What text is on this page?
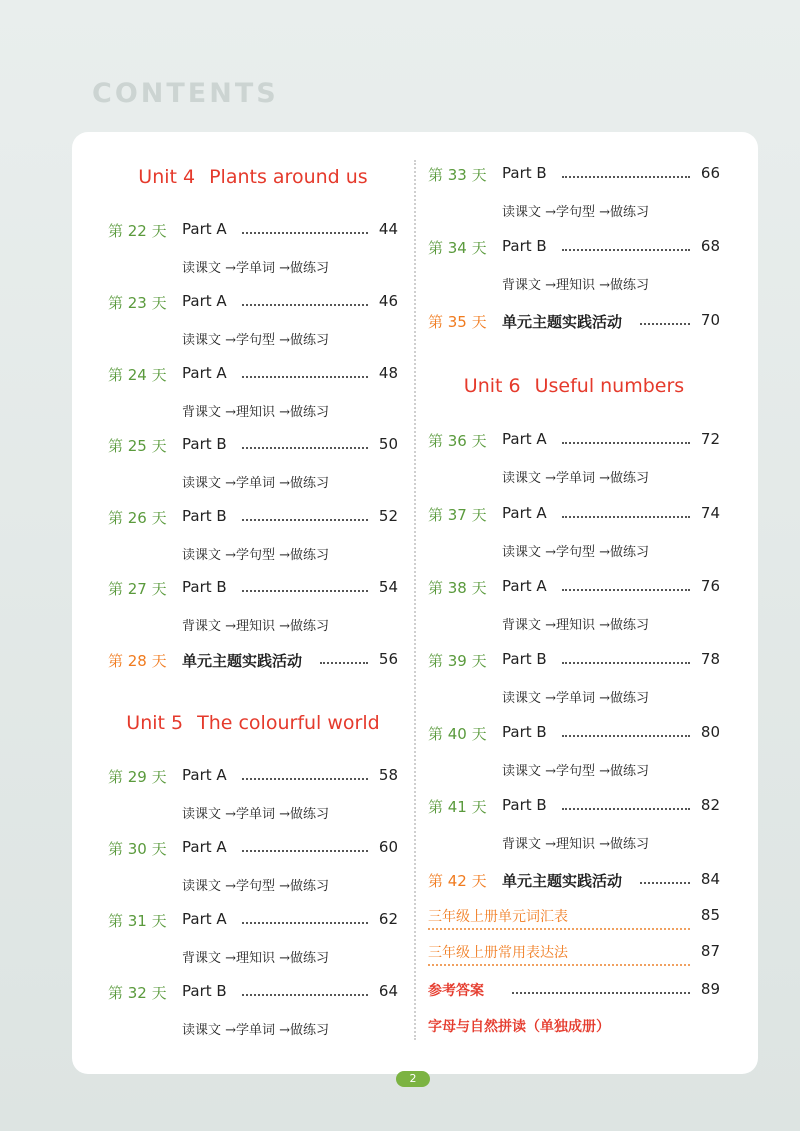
CONTENTS
Unit 4 Plants around us
第 22 天 Part A	44
读课文 →学单词 →做练习
第 23 天 Part A	46
读课文 →学句型 →做练习
第 24 天 Part A	48
背课文 →理知识 →做练习
第 25 天 Part B	50
读课文 →学单词 →做练习
第 26 天 Part B	52
读课文 →学句型 →做练习
第 27 天 Part B	54
背课文 →理知识 →做练习
第 28 天 单元主题实践活动	56
Unit 5 The colourful world
第 29 天 Part A	58
读课文 →学单词 →做练习
第 30 天 Part A	60
读课文 →学句型 →做练习
第 31 天 Part A	62
背课文 →理知识 →做练习
第 32 天 Part B	64
读课文 →学单词 →做练习
第 33 天 Part B	66
读课文 →学句型 →做练习
第 34 天 Part B	68
背课文 →理知识 →做练习
第 35 天 单元主题实践活动	70
Unit 6 Useful numbers
第 36 天 Part A	72
读课文 →学单词 →做练习
第 37 天 Part A	74
读课文 →学句型 →做练习
第 38 天 Part A	76
背课文 →理知识 →做练习
第 39 天 Part B	78
读课文 →学单词 →做练习
第 40 天 Part B	80
读课文 →学句型 →做练习
第 41 天 Part B	82
背课文 →理知识 →做练习
第 42 天 单元主题实践活动	84
三年级上册单元词汇表	85
三年级上册常用表达法	87
参考答案	89
字母与自然拼读（单独成册）
2
